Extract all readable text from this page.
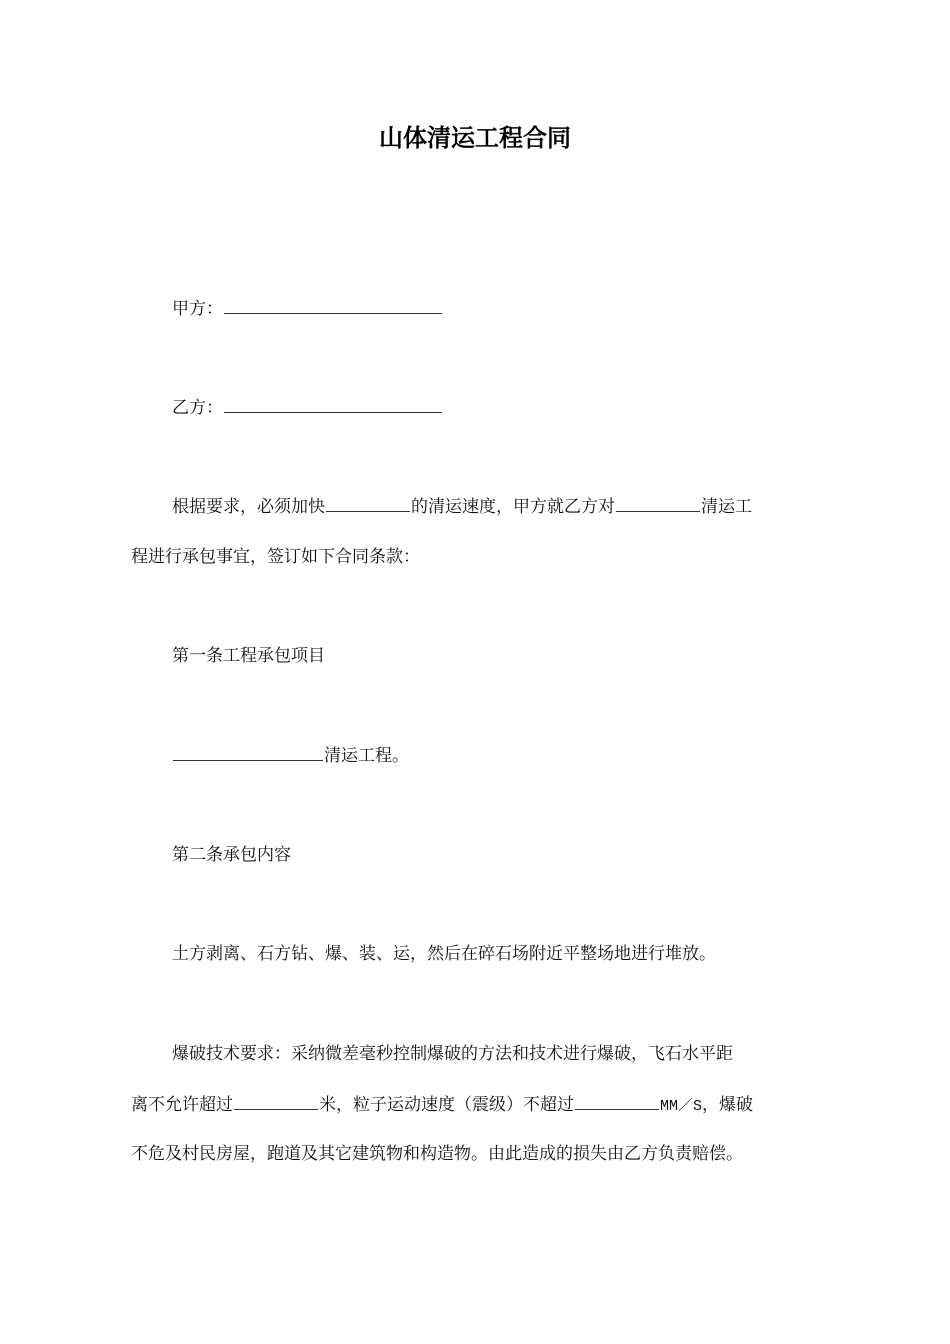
山体清运工程合同
甲方：
乙方：
根据要求，必须加快	的清运速度，甲方就乙方对	清运工
程进行承包事宜，签订如下合同条款：
第一条工程承包项目
清运工程。
第二条承包内容
土方剥离、石方钻、爆、装、运，然后在碎石场附近平整场地进行堆放。
爆破技术要求：采纳微差毫秒控制爆破的方法和技术进行爆破，飞石水平距
离不允许超过	米，粒子运动速度（震级）不超过	MM／S，爆破
不危及村民房屋，跑道及其它建筑物和构造物。由此造成的损失由乙方负责赔偿。
